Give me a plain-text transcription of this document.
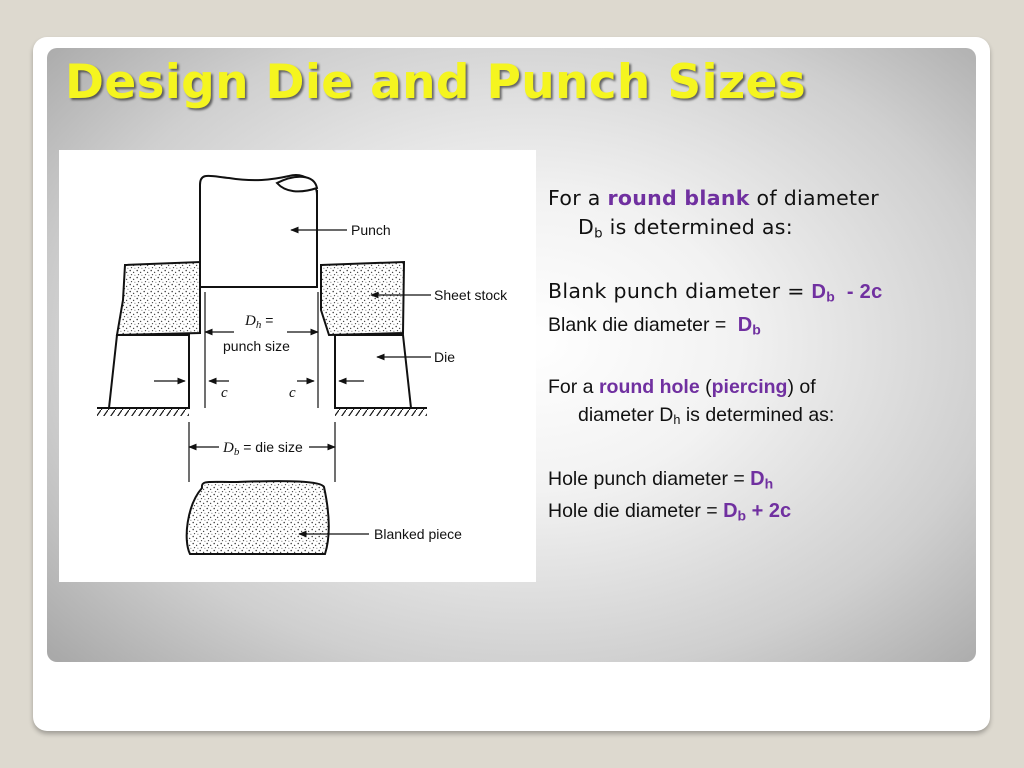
Design Die and Punch Sizes
Punch
Sheet stock
Die
Blanked piece
Dh =
punch size
c	c
Db = die size
For a round blank of diameter
$D_b$ is determined as:
Blank punch diameter = $D_b - 2c$
Blank die diameter = $D_b$
For a round hole (piercing) of
diameter $D_h$ is determined as:
Hole punch diameter = $D_h$
Hole die diameter = $D_b + 2c$
